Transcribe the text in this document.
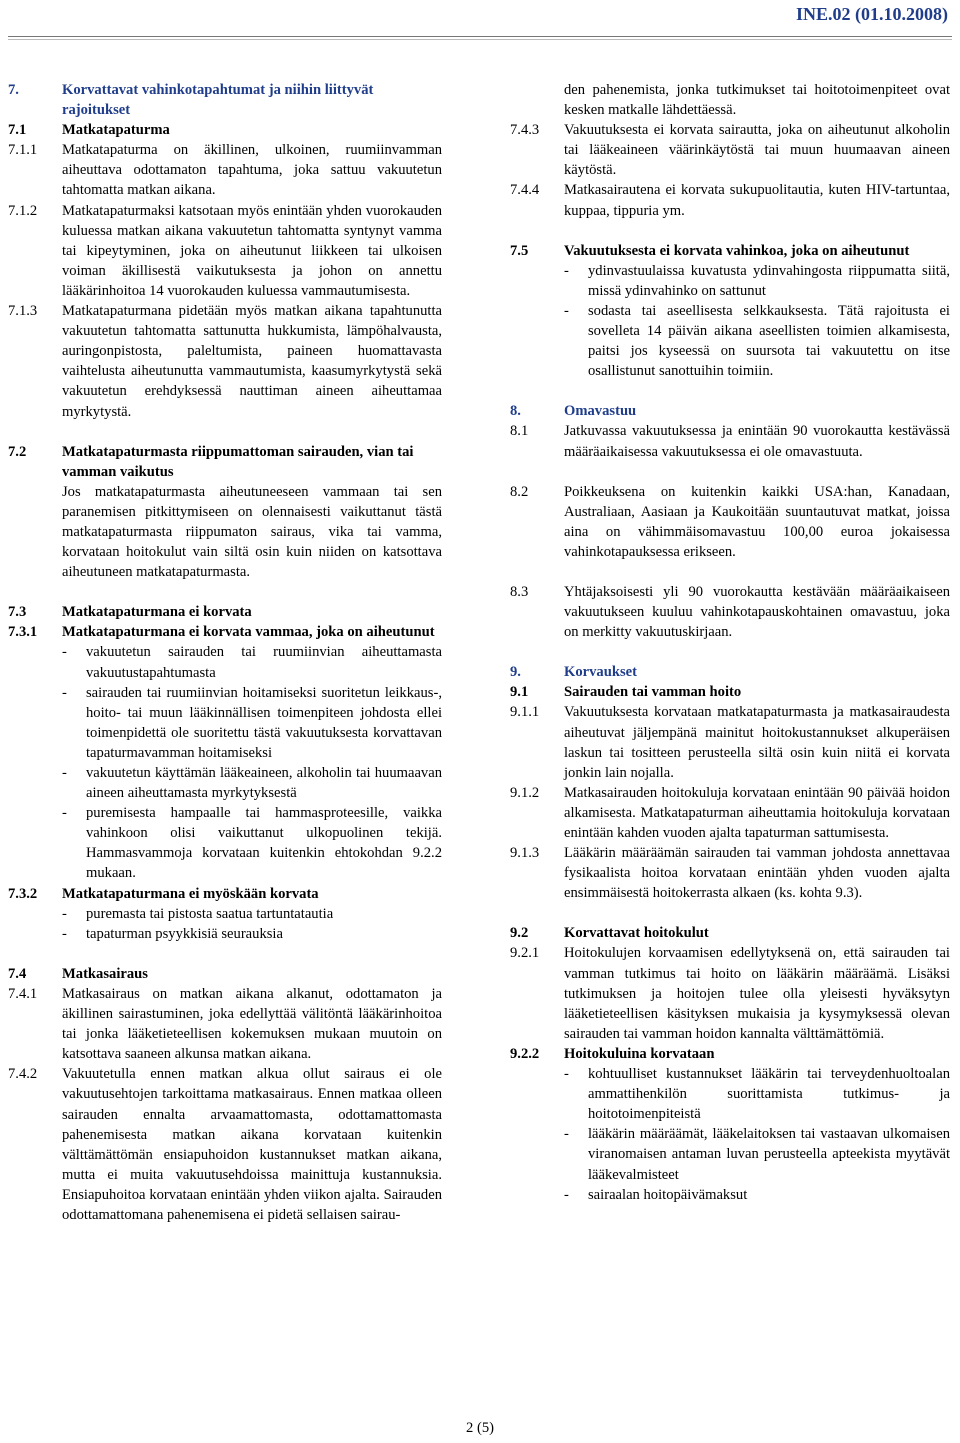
INE.02 (01.10.2008)
7.	Korvattavat vahinkotapahtumat ja niihin liittyvät rajoitukset
7.1	Matkatapaturma
7.1.1	Matkatapaturma on äkillinen, ulkoinen, ruumiinvamman aiheuttava odottamaton tapahtuma, joka sattuu vakuutetun tahtomatta matkan aikana.
7.1.2	Matkatapaturmaksi katsotaan myös enintään yhden vuorokauden kuluessa matkan aikana vakuutetun tahtomatta syntynyt vamma tai kipeytyminen, joka on aiheutunut liikkeen tai ulkoisen voiman äkillisestä vaikutuksesta ja johon on annettu lääkärinhoitoa 14 vuorokauden kuluessa vammautumisesta.
7.1.3	Matkatapaturmana pidetään myös matkan aikana tapahtunutta vakuutetun tahtomatta sattunutta hukkumista, lämpöhalvausta, auringonpistosta, paleltumista, paineen huomattavasta vaihtelusta aiheutunutta vammautumista, kaasumyrkytystä sekä vakuutetun erehdyksessä nauttiman aineen aiheuttamaa myrkytystä.
7.2	Matkatapaturmasta riippumattoman sairauden, vian tai vamman vaikutus
Jos matkatapaturmasta aiheutuneeseen vammaan tai sen paranemisen pitkittymiseen on olennaisesti vaikuttanut tästä matkatapaturmasta riippumaton sairaus, vika tai vamma, korvataan hoitokulut vain siltä osin kuin niiden on katsottava aiheutuneen matkatapaturmasta.
7.3	Matkatapaturmana ei korvata
7.3.1	Matkatapaturmana ei korvata vammaa, joka on aiheutunut
- vakuutetun sairauden tai ruumiinvian aiheuttamasta vakuutustapahtumasta
- sairauden tai ruumiinvian hoitamiseksi suoritetun leikkaus-, hoito- tai muun lääkinnällisen toimenpiteen johdosta ellei toimenpidettä ole suoritettu tästä vakuutuksesta korvattavan tapaturmavamman hoitamiseksi
- vakuutetun käyttämän lääkeaineen, alkoholin tai huumaavan aineen aiheuttamasta myrkytyksestä
- puremisesta hampaalle tai hammasproteesille, vaikka vahinkoon olisi vaikuttanut ulkopuolinen tekijä. Hammasvammoja korvataan kuitenkin ehtokohdan 9.2.2 mukaan.
7.3.2	Matkatapaturmana ei myöskään korvata
- puremasta tai pistosta saatua tartuntatautia
- tapaturman psyykkisiä seurauksia
7.4	Matkasairaus
7.4.1	Matkasairaus on matkan aikana alkanut, odottamaton ja äkillinen sairastuminen, joka edellyttää välitöntä lääkärinhoitoa tai jonka lääketieteellisen kokemuksen mukaan muutoin on katsottava saaneen alkunsa matkan aikana.
7.4.2	Vakuutetulla ennen matkan alkua ollut sairaus ei ole vakuutusehtojen tarkoittama matkasairaus. Ennen matkaa olleen sairauden ennalta arvaamattomasta, odottamattomasta pahenemisesta matkan aikana korvataan kuitenkin välttämättömän ensiapuhoidon kustannukset matkan aikana, mutta ei muita vakuutusehdoissa mainittuja kustannuksia. Ensiapuhoitoa korvataan enintään yhden viikon ajalta. Sairauden odottamattomana pahenemisena ei pidetä sellaisen sairau-
den pahenemista, jonka tutkimukset tai hoitotoimenpiteet ovat kesken matkalle lähdettäessä.
7.4.3	Vakuutuksesta ei korvata sairautta, joka on aiheutunut alkoholin tai lääkeaineen väärinkäytöstä tai muun huumaavan aineen käytöstä.
7.4.4	Matkasairautena ei korvata sukupuolitautia, kuten HIV-tartuntaa, kuppaa, tippuria ym.
7.5	Vakuutuksesta ei korvata vahinkoa, joka on aiheutunut
- ydinvastuulaissa kuvatusta ydinvahingosta riippumatta siitä, missä ydinvahinko on sattunut
- sodasta tai aseellisesta selkkauksesta. Tätä rajoitusta ei sovelleta 14 päivän aikana aseellisten toimien alkamisesta, paitsi jos kyseessä on suursota tai vakuutettu on itse osallistunut sanottuihin toimiin.
8.	Omavastuu
8.1	Jatkuvassa vakuutuksessa ja enintään 90 vuorokautta kestävässä määräaikaisessa vakuutuksessa ei ole omavastuuta.
8.2	Poikkeuksena on kuitenkin kaikki USA:han, Kanadaan, Australiaan, Aasiaan ja Kaukoitään suuntautuvat matkat, joissa aina on vähimmäisomavastuu 100,00 euroa jokaisessa vahinkotapauksessa erikseen.
8.3	Yhtäjaksoisesti yli 90 vuorokautta kestävään määräaikaiseen vakuutukseen kuuluu vahinkotapauskohtainen omavastuu, joka on merkitty vakuutuskirjaan.
9.	Korvaukset
9.1	Sairauden tai vamman hoito
9.1.1	Vakuutuksesta korvataan matkatapaturmasta ja matkasairaudesta aiheutuvat jäljempänä mainitut hoitokustannukset alkuperäisen laskun tai tositteen perusteella siltä osin kuin niitä ei korvata jonkin lain nojalla.
9.1.2	Matkasairauden hoitokuluja korvataan enintään 90 päivää hoidon alkamisesta. Matkatapaturman aiheuttamia hoitokuluja korvataan enintään kahden vuoden ajalta tapaturman sattumisesta.
9.1.3	Lääkärin määräämän sairauden tai vamman johdosta annettavaa fysikaalista hoitoa korvataan enintään yhden vuoden ajalta ensimmäisestä hoitokerrasta alkaen (ks. kohta 9.3).
9.2	Korvattavat hoitokulut
9.2.1	Hoitokulujen korvaamisen edellytyksenä on, että sairauden tai vamman tutkimus tai hoito on lääkärin määräämä. Lisäksi tutkimuksen ja hoitojen tulee olla yleisesti hyväksytyn lääketieteellisen käsityksen mukaisia ja kysymyksessä olevan sairauden tai vamman hoidon kannalta välttämättömiä.
9.2.2	Hoitokuluina korvataan
- kohtuulliset kustannukset lääkärin tai terveydenhuoltoalan ammattihenkilön suorittamista tutkimus- ja hoitotoimenpiteistä
- lääkärin määräämät, lääkelaitoksen tai vastaavan ulkomaisen viranomaisen antaman luvan perusteella apteekista myytävät lääkevalmisteet
- sairaalan hoitopäivämaksut
2 (5)
